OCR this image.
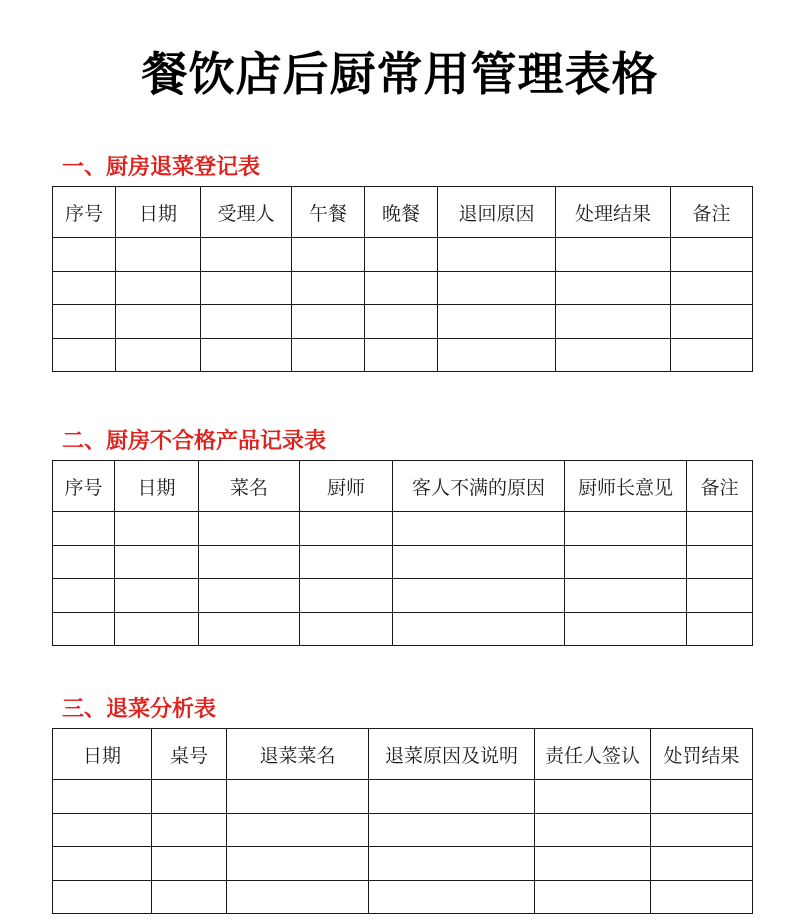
餐饮店后厨常用管理表格
一、厨房退菜登记表
序号	日期	受理人	午餐	晚餐	退回原因	处理结果	备注

二、厨房不合格产品记录表
序号	日期	菜名	厨师	客人不满的原因	厨师长意见	备注

三、退菜分析表
日期	桌号	退菜菜名	退菜原因及说明	责任人签认	处罚结果
